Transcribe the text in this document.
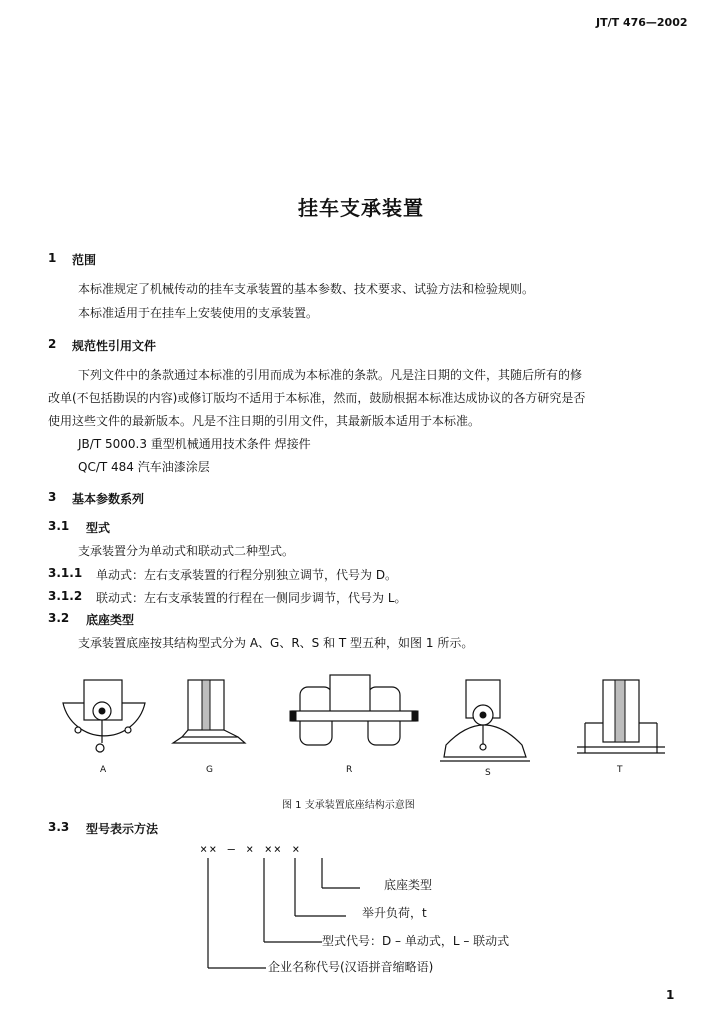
JT/T 476—2002
挂车支承装置
1 范围
本标准规定了机械传动的挂车支承装置的基本参数、技术要求、试验方法和检验规则。
本标准适用于在挂车上安装使用的支承装置。
2 规范性引用文件
下列文件中的条款通过本标准的引用而成为本标准的条款。凡是注日期的文件，其随后所有的修
改单(不包括勘误的内容)或修订版均不适用于本标准，然而，鼓励根据本标准达成协议的各方研究是否
使用这些文件的最新版本。凡是不注日期的引用文件，其最新版本适用于本标准。
JB/T 5000.3 重型机械通用技术条件 焊接件
QC/T 484 汽车油漆涂层
3 基本参数系列
3.1 型式
支承装置分为单动式和联动式二种型式。
3.1.1 单动式：左右支承装置的行程分别独立调节，代号为 D。
3.1.2 联动式：左右支承装置的行程在一侧同步调节，代号为 L。
3.2 底座类型
支承装置底座按其结构型式分为 A、G、R、S 和 T 型五种，如图 1 所示。
A	G	R	S	T
图 1 支承装置底座结构示意图
3.3 型号表示方法
×× – × ×× ×
底座类型
举升负荷，t
型式代号：D – 单动式，L – 联动式
企业名称代号(汉语拼音缩略语)
1
